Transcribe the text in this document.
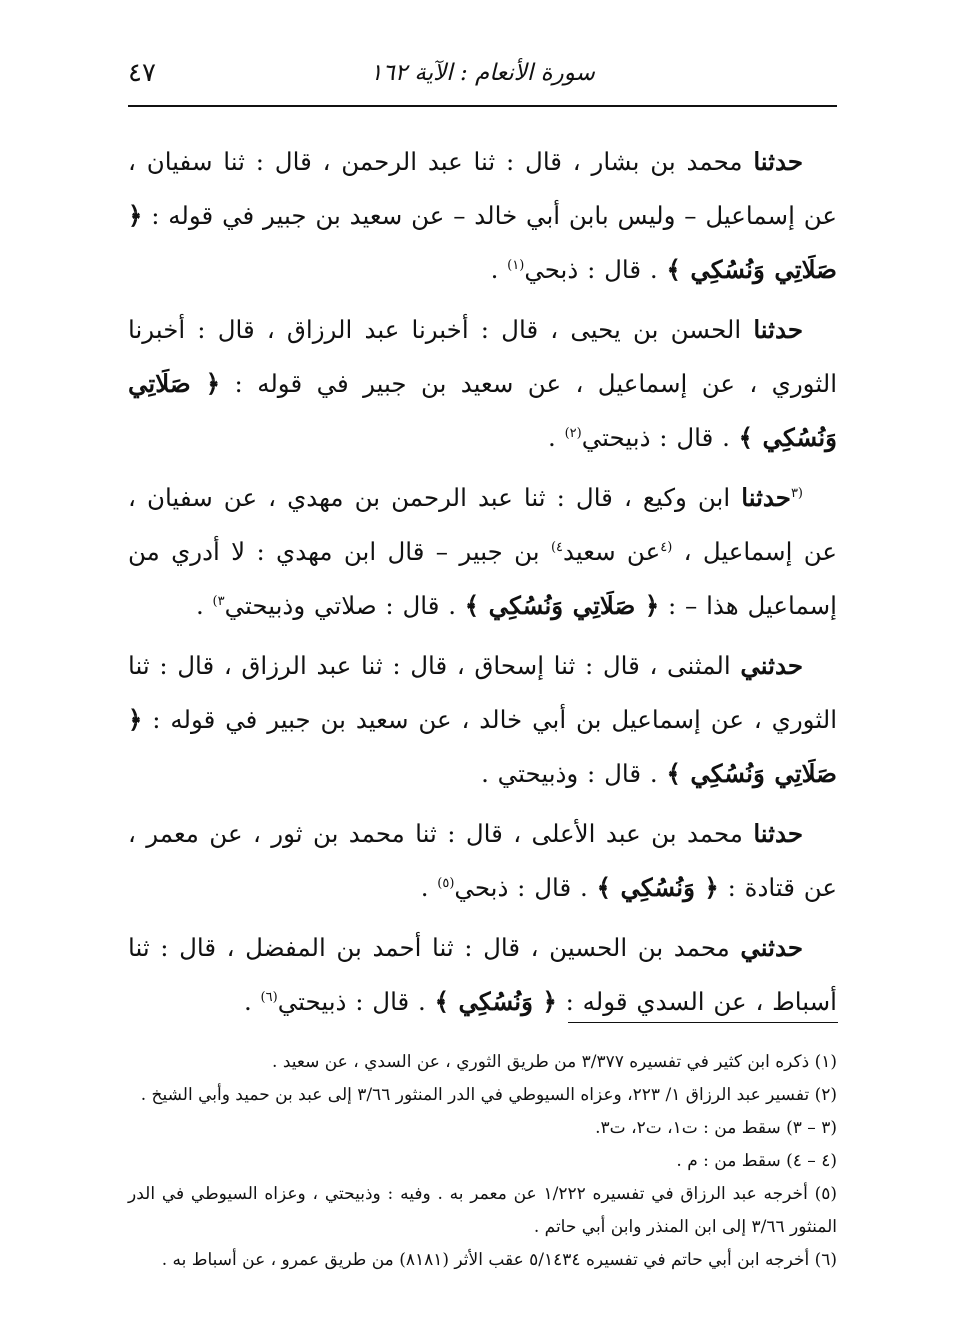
٤٧	سورة الأنعام : الآية ١٦٢

حدثنا محمد بن بشار ، قال : ثنا عبد الرحمن ، قال : ثنا سفيان ، عن إسماعيل – وليس بابن أبي خالد – عن سعيد بن جبير في قوله : ﴿ صَلَاتِي وَنُسُكِي ﴾ . قال : ذبحي$^{(١)}$ .

حدثنا الحسن بن يحيى ، قال : أخبرنا عبد الرزاق ، قال : أخبرنا الثوري ، عن إسماعيل ، عن سعيد بن جبير في قوله : ﴿ صَلَاتِي وَنُسُكِي ﴾ . قال : ذبيحتي$^{(٢)}$ .

$^{(٣}$حدثنا ابن وكيع ، قال : ثنا عبد الرحمن بن مهدي ، عن سفيان ، عن إسماعيل ، $^{(٤}$عن سعيد$^{٤)}$ بن جبير – قال ابن مهدي : لا أدري من إسماعيل هذا – : ﴿ صَلَاتِي وَنُسُكِي ﴾ . قال : صلاتي وذبيحتي$^{٣)}$ .

حدثني المثنى ، قال : ثنا إسحاق ، قال : ثنا عبد الرزاق ، قال : ثنا الثوري ، عن إسماعيل بن أبي خالد ، عن سعيد بن جبير في قوله : ﴿ صَلَاتِي وَنُسُكِي ﴾ . قال : وذبيحتي .

حدثنا محمد بن عبد الأعلى ، قال : ثنا محمد بن ثور ، عن معمر ، عن قتادة : ﴿ وَنُسُكِي ﴾ . قال : ذبحي$^{(٥)}$ .

حدثني محمد بن الحسين ، قال : ثنا أحمد بن المفضل ، قال : ثنا أسباط ، عن السدي قوله : ﴿ وَنُسُكِي ﴾ . قال : ذبيحتي$^{(٦)}$ .

(١) ذكره ابن كثير في تفسيره ٣/٣٧٧ من طريق الثوري ، عن السدي ، عن سعيد .

(٢) تفسير عبد الرزاق ١/ ٢٢٣، وعزاه السيوطي في الدر المنثور ٣/٦٦ إلى عبد بن حميد وأبي الشيخ .

(٣ – ٣) سقط من : ت١، ت٢، ت٣.

(٤ – ٤) سقط من : م .

(٥) أخرجه عبد الرزاق في تفسيره ١/٢٢٢ عن معمر به . وفيه : وذبيحتي ، وعزاه السيوطي في الدر المنثور ٣/٦٦ إلى ابن المنذر وابن أبي حاتم .

(٦) أخرجه ابن أبي حاتم في تفسيره ٥/١٤٣٤ عقب الأثر (٨١٨١) من طريق عمرو ، عن أسباط به .
